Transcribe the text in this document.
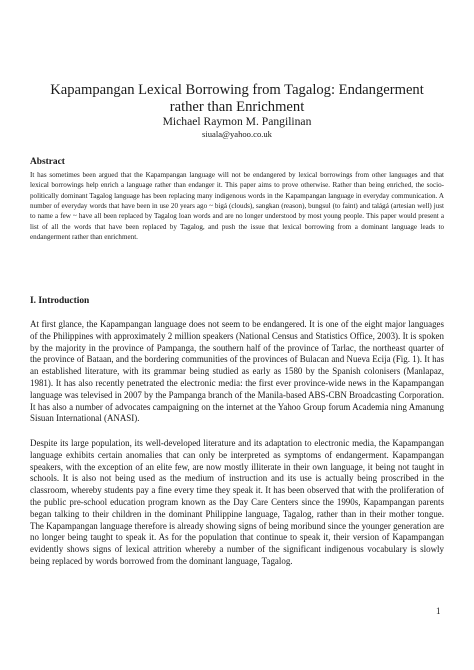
Kapampangan Lexical Borrowing from Tagalog: Endangerment rather than Enrichment
Michael Raymon M. Pangilinan
siuala@yahoo.co.uk
Abstract

It has sometimes been argued that the Kapampangan language will not be endangered by lexical borrowings from other languages and that lexical borrowings help enrich a language rather than endanger it. This paper aims to prove otherwise. Rather than being enriched, the socio-politically dominant Tagalog language has been replacing many indigenous words in the Kapampangan language in everyday communication. A number of everyday words that have been in use 20 years ago ~ bigá (clouds), sangkan (reason), bungsul (to faint) and talágá (artesian well) just to name a few ~ have all been replaced by Tagalog loan words and are no longer understood by most young people. This paper would present a list of all the words that have been replaced by Tagalog, and push the issue that lexical borrowing from a dominant language leads to endangerment rather than enrichment.

I. Introduction

At first glance, the Kapampangan language does not seem to be endangered. It is one of the eight major languages of the Philippines with approximately 2 million speakers (National Census and Statistics Office, 2003). It is spoken by the majority in the province of Pampanga, the southern half of the province of Tarlac, the northeast quarter of the province of Bataan, and the bordering communities of the provinces of Bulacan and Nueva Ecija (Fig. 1). It has an established literature, with its grammar being studied as early as 1580 by the Spanish colonisers (Manlapaz, 1981). It has also recently penetrated the electronic media: the first ever province-wide news in the Kapampangan language was televised in 2007 by the Pampanga branch of the Manila-based ABS-CBN Broadcasting Corporation. It has also a number of advocates campaigning on the internet at the Yahoo Group forum Academia ning Amanung Sisuan International (ANASI).

Despite its large population, its well-developed literature and its adaptation to electronic media, the Kapampangan language exhibits certain anomalies that can only be interpreted as symptoms of endangerment. Kapampangan speakers, with the exception of an elite few, are now mostly illiterate in their own language, it being not taught in schools. It is also not being used as the medium of instruction and its use is actually being proscribed in the classroom, whereby students pay a fine every time they speak it. It has been observed that with the proliferation of the public pre-school education program known as the Day Care Centers since the 1990s, Kapampangan parents began talking to their children in the dominant Philippine language, Tagalog, rather than in their mother tongue. The Kapampangan language therefore is already showing signs of being moribund since the younger generation are no longer being taught to speak it. As for the population that continue to speak it, their version of Kapampangan evidently shows signs of lexical attrition whereby a number of the significant indigenous vocabulary is slowly being replaced by words borrowed from the dominant language, Tagalog.

1
